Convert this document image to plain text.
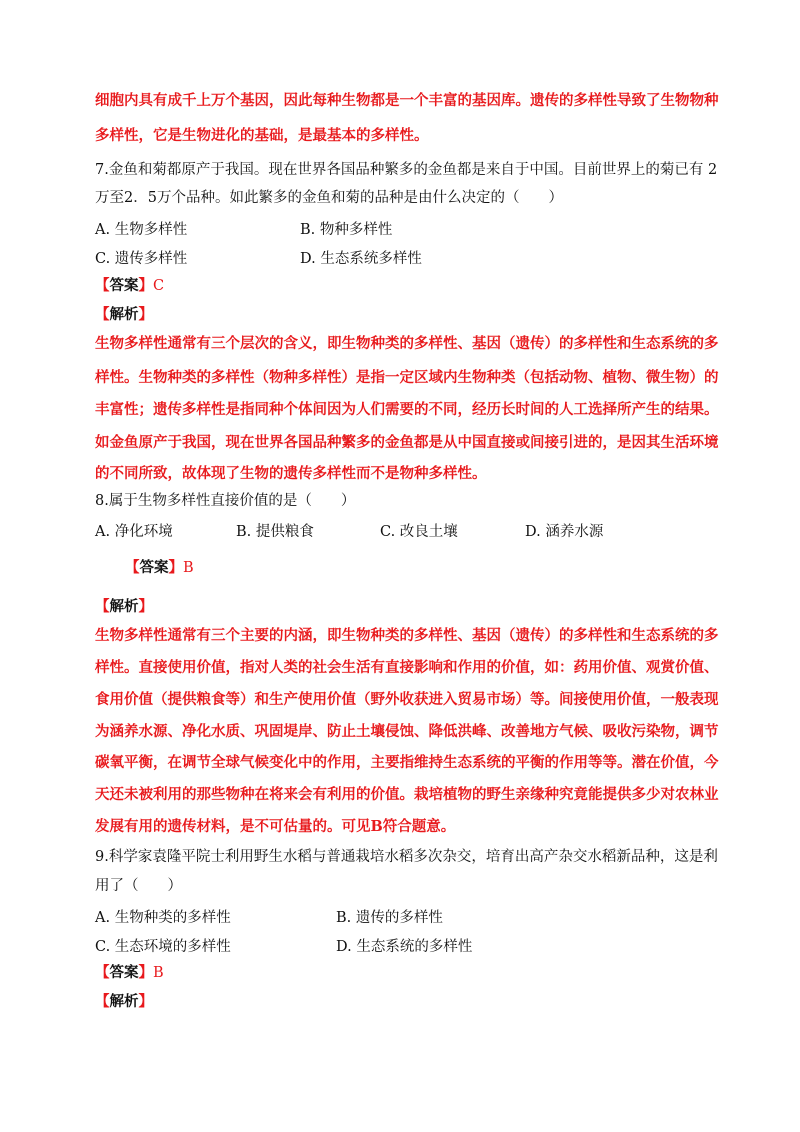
细胞内具有成千上万个基因，因此每种生物都是一个丰富的基因库。遗传的多样性导致了生物物种
多样性，它是生物进化的基础，是最基本的多样性。
7.金鱼和菊都原产于我国。现在世界各国品种繁多的金鱼都是来自于中国。目前世界上的菊已有 2
万至2．5万个品种。如此繁多的金鱼和菊的品种是由什么决定的（　　）
A. 生物多样性	B. 物种多样性
C. 遗传多样性	D. 生态系统多样性
【答案】C
【解析】
生物多样性通常有三个层次的含义，即生物种类的多样性、基因（遗传）的多样性和生态系统的多
样性。生物种类的多样性（物种多样性）是指一定区域内生物种类（包括动物、植物、微生物）的
丰富性；遗传多样性是指同种个体间因为人们需要的不同，经历长时间的人工选择所产生的结果。
如金鱼原产于我国，现在世界各国品种繁多的金鱼都是从中国直接或间接引进的，是因其生活环境
的不同所致，故体现了生物的遗传多样性而不是物种多样性。
8.属于生物多样性直接价值的是（　　）
A. 净化环境	B. 提供粮食	C. 改良土壤	D. 涵养水源
【答案】B
【解析】
生物多样性通常有三个主要的内涵，即生物种类的多样性、基因（遗传）的多样性和生态系统的多
样性。直接使用价值，指对人类的社会生活有直接影响和作用的价值，如：药用价值、观赏价值、
食用价值（提供粮食等）和生产使用价值（野外收获进入贸易市场）等。间接使用价值，一般表现
为涵养水源、净化水质、巩固堤岸、防止土壤侵蚀、降低洪峰、改善地方气候、吸收污染物，调节
碳氧平衡，在调节全球气候变化中的作用，主要指维持生态系统的平衡的作用等等。潜在价值，今
天还未被利用的那些物种在将来会有利用的价值。栽培植物的野生亲缘种究竟能提供多少对农林业
发展有用的遗传材料，是不可估量的。可见B符合题意。
9.科学家袁隆平院士利用野生水稻与普通栽培水稻多次杂交，培育出高产杂交水稻新品种，这是利
用了（　　）
A. 生物种类的多样性	B. 遗传的多样性
C. 生态环境的多样性	D. 生态系统的多样性
【答案】B
【解析】
